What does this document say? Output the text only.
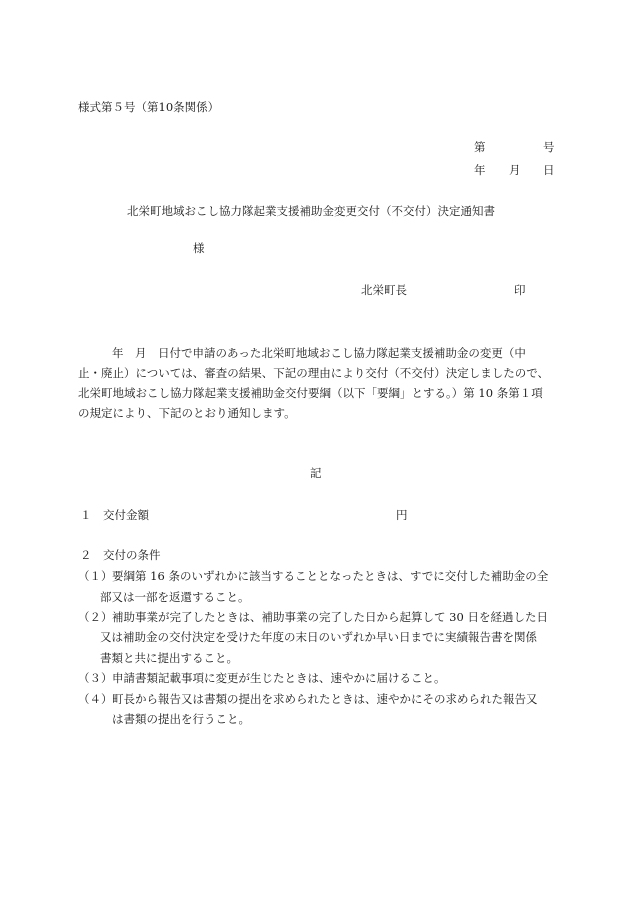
様式第５号（第10条関係）
第	号
年 月 日
北栄町地域おこし協力隊起業支援補助金変更交付（不交付）決定通知書
様
北栄町長	印
年　月　日付で申請のあった北栄町地域おこし協力隊起業支援補助金の変更（中
止・廃止）については、審査の結果、下記の理由により交付（不交付）決定しましたので、
北栄町地域おこし協力隊起業支援補助金交付要綱（以下「要綱」とする。）第 10 条第１項
の規定により、下記のとおり通知します。
記
１　交付金額	円
２　交付の条件
（１） 要綱第 16 条のいずれかに該当することとなったときは、すでに交付した補助金の全
部又は一部を返還すること。
（２） 補助事業が完了したときは、補助事業の完了した日から起算して 30 日を経過した日
又は補助金の交付決定を受けた年度の末日のいずれか早い日までに実績報告書を関係
書類と共に提出すること。
（３） 申請書類記載事項に変更が生じたときは、速やかに届けること。
（４） 町長から報告又は書類の提出を求められたときは、速やかにその求められた報告又
は書類の提出を行うこと。
